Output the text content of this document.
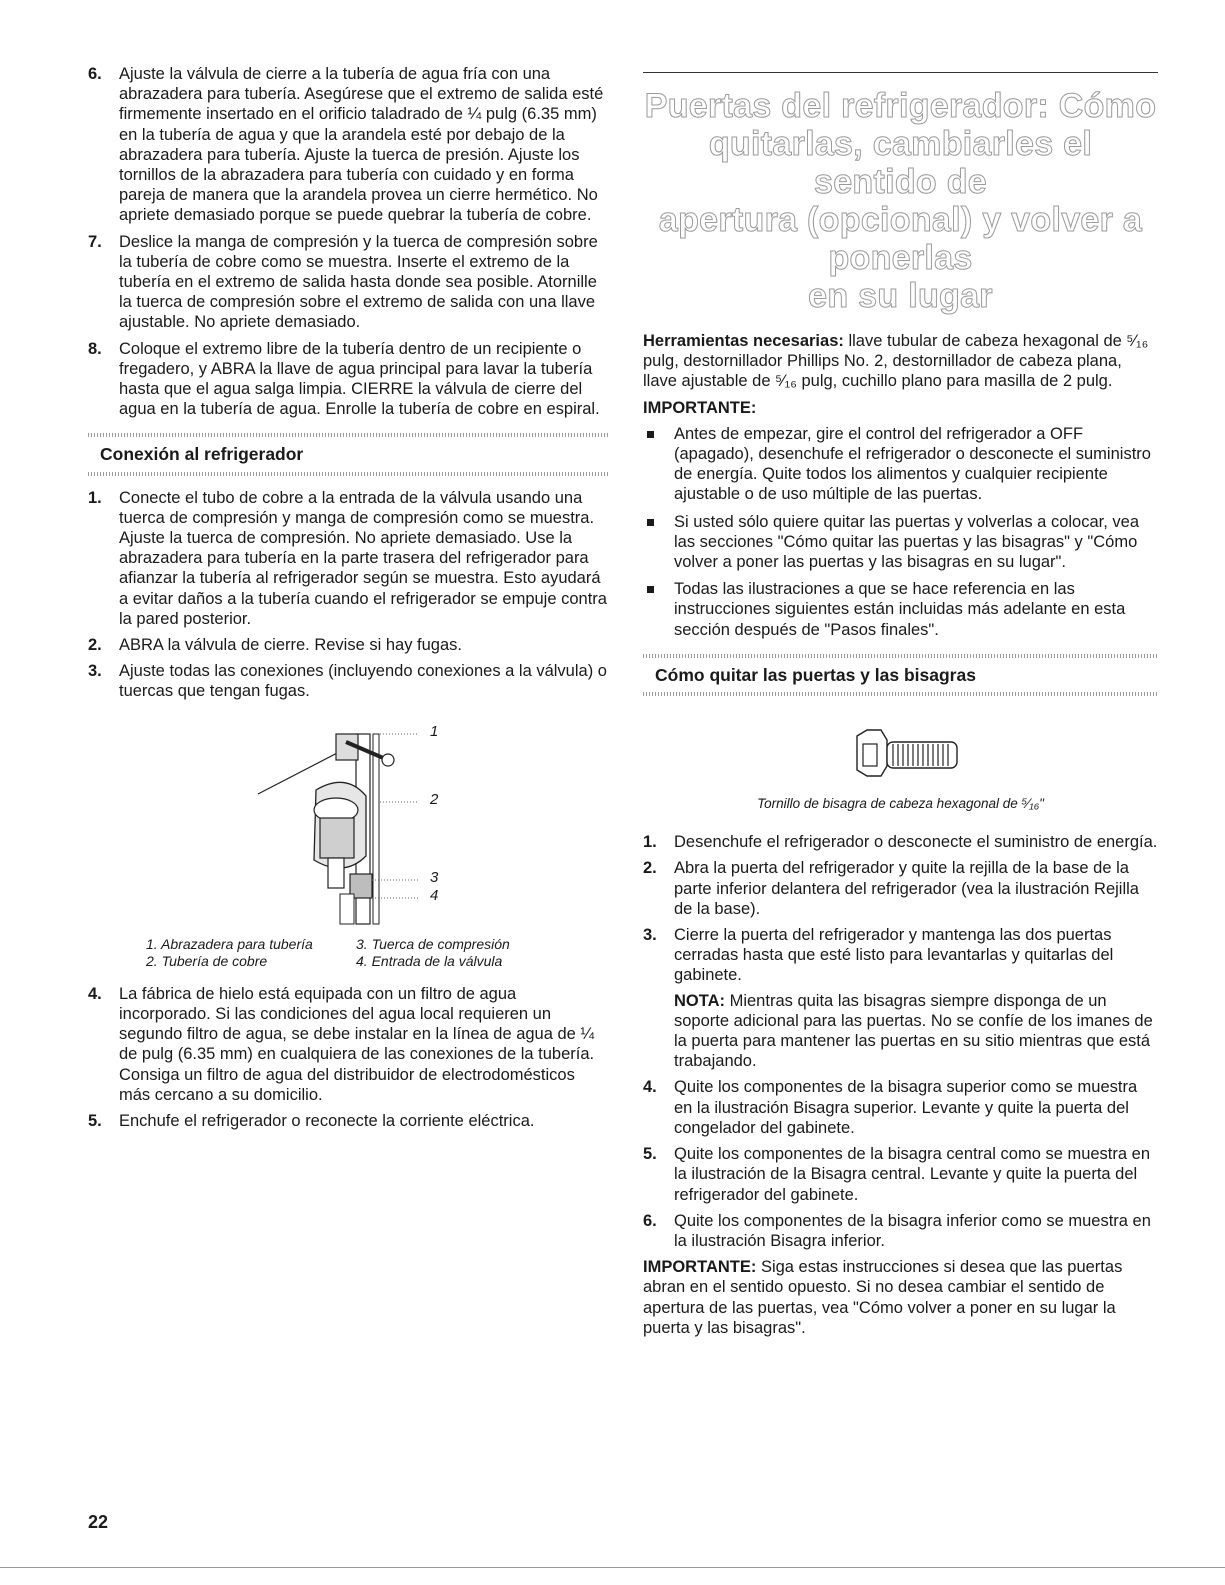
6.	Ajuste la válvula de cierre a la tubería de agua fría con una abrazadera para tubería. Asegúrese que el extremo de salida esté firmemente insertado en el orificio taladrado de ¼ pulg (6.35 mm) en la tubería de agua y que la arandela esté por debajo de la abrazadera para tubería. Ajuste la tuerca de presión. Ajuste los tornillos de la abrazadera para tubería con cuidado y en forma pareja de manera que la arandela provea un cierre hermético. No apriete demasiado porque se puede quebrar la tubería de cobre.
7.	Deslice la manga de compresión y la tuerca de compresión sobre la tubería de cobre como se muestra. Inserte el extremo de la tubería en el extremo de salida hasta donde sea posible. Atornille la tuerca de compresión sobre el extremo de salida con una llave ajustable. No apriete demasiado.
8.	Coloque el extremo libre de la tubería dentro de un recipiente o fregadero, y ABRA la llave de agua principal para lavar la tubería hasta que el agua salga limpia. CIERRE la válvula de cierre del agua en la tubería de agua. Enrolle la tubería de cobre en espiral.
Conexión al refrigerador
1.	Conecte el tubo de cobre a la entrada de la válvula usando una tuerca de compresión y manga de compresión como se muestra. Ajuste la tuerca de compresión. No apriete demasiado. Use la abrazadera para tubería en la parte trasera del refrigerador para afianzar la tubería al refrigerador según se muestra. Esto ayudará a evitar daños a la tubería cuando el refrigerador se empuje contra la pared posterior.
2.	ABRA la válvula de cierre. Revise si hay fugas.
3.	Ajuste todas las conexiones (incluyendo conexiones a la válvula) o tuercas que tengan fugas.
1
2
3
4
1. Abrazadera para tubería	3. Tuerca de compresión
2. Tubería de cobre	4. Entrada de la válvula
4.	La fábrica de hielo está equipada con un filtro de agua incorporado. Si las condiciones del agua local requieren un segundo filtro de agua, se debe instalar en la línea de agua de ¼ de pulg (6.35 mm) en cualquiera de las conexiones de la tubería. Consiga un filtro de agua del distribuidor de electrodomésticos más cercano a su domicilio.
5.	Enchufe el refrigerador o reconecte la corriente eléctrica.
Puertas del refrigerador: Cómo
quitarlas, cambiarles el sentido de
apertura (opcional) y volver a ponerlas
en su lugar

Herramientas necesarias: llave tubular de cabeza hexagonal de ⁵⁄₁₆ pulg, destornillador Phillips No. 2, destornillador de cabeza plana, llave ajustable de ⁵⁄₁₆ pulg, cuchillo plano para masilla de 2 pulg.

IMPORTANTE:
Antes de empezar, gire el control del refrigerador a OFF (apagado), desenchufe el refrigerador o desconecte el suministro de energía. Quite todos los alimentos y cualquier recipiente ajustable o de uso múltiple de las puertas.
Si usted sólo quiere quitar las puertas y volverlas a colocar, vea las secciones "Cómo quitar las puertas y las bisagras" y "Cómo volver a poner las puertas y las bisagras en su lugar".
Todas las ilustraciones a que se hace referencia en las instrucciones siguientes están incluidas más adelante en esta sección después de "Pasos finales".
Cómo quitar las puertas y las bisagras
Tornillo de bisagra de cabeza hexagonal de ⁵⁄₁₆"
1.	Desenchufe el refrigerador o desconecte el suministro de energía.
2.	Abra la puerta del refrigerador y quite la rejilla de la base de la parte inferior delantera del refrigerador (vea la ilustración Rejilla de la base).
3.	Cierre la puerta del refrigerador y mantenga las dos puertas cerradas hasta que esté listo para levantarlas y quitarlas del gabinete.
NOTA: Mientras quita las bisagras siempre disponga de un soporte adicional para las puertas. No se confíe de los imanes de la puerta para mantener las puertas en su sitio mientras que está trabajando.
4.	Quite los componentes de la bisagra superior como se muestra en la ilustración Bisagra superior. Levante y quite la puerta del congelador del gabinete.
5.	Quite los componentes de la bisagra central como se muestra en la ilustración de la Bisagra central. Levante y quite la puerta del refrigerador del gabinete.
6.	Quite los componentes de la bisagra inferior como se muestra en la ilustración Bisagra inferior.

IMPORTANTE: Siga estas instrucciones si desea que las puertas abran en el sentido opuesto. Si no desea cambiar el sentido de apertura de las puertas, vea "Cómo volver a poner en su lugar la puerta y las bisagras".

22
